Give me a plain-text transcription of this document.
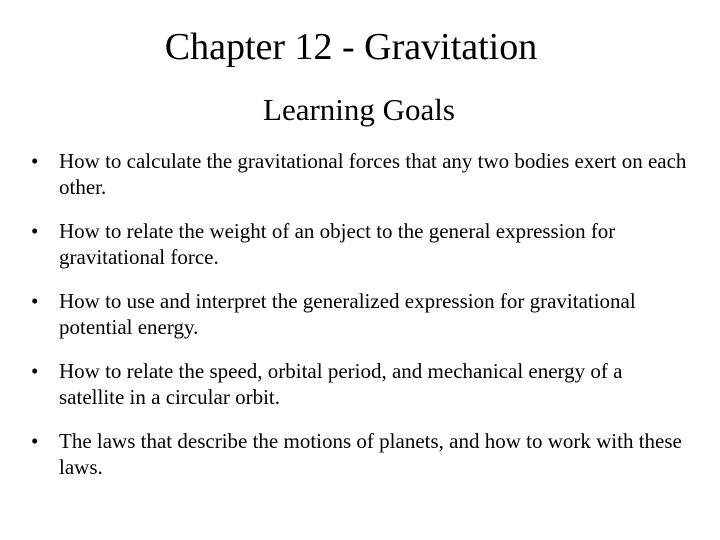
Chapter 12 - Gravitation
Learning Goals
• How to calculate the gravitational forces that any two bodies exert on each other.
• How to relate the weight of an object to the general expression for gravitational force.
• How to use and interpret the generalized expression for gravitational potential energy.
• How to relate the speed, orbital period, and mechanical energy of a satellite in a circular orbit.
• The laws that describe the motions of planets, and how to work with these laws.
